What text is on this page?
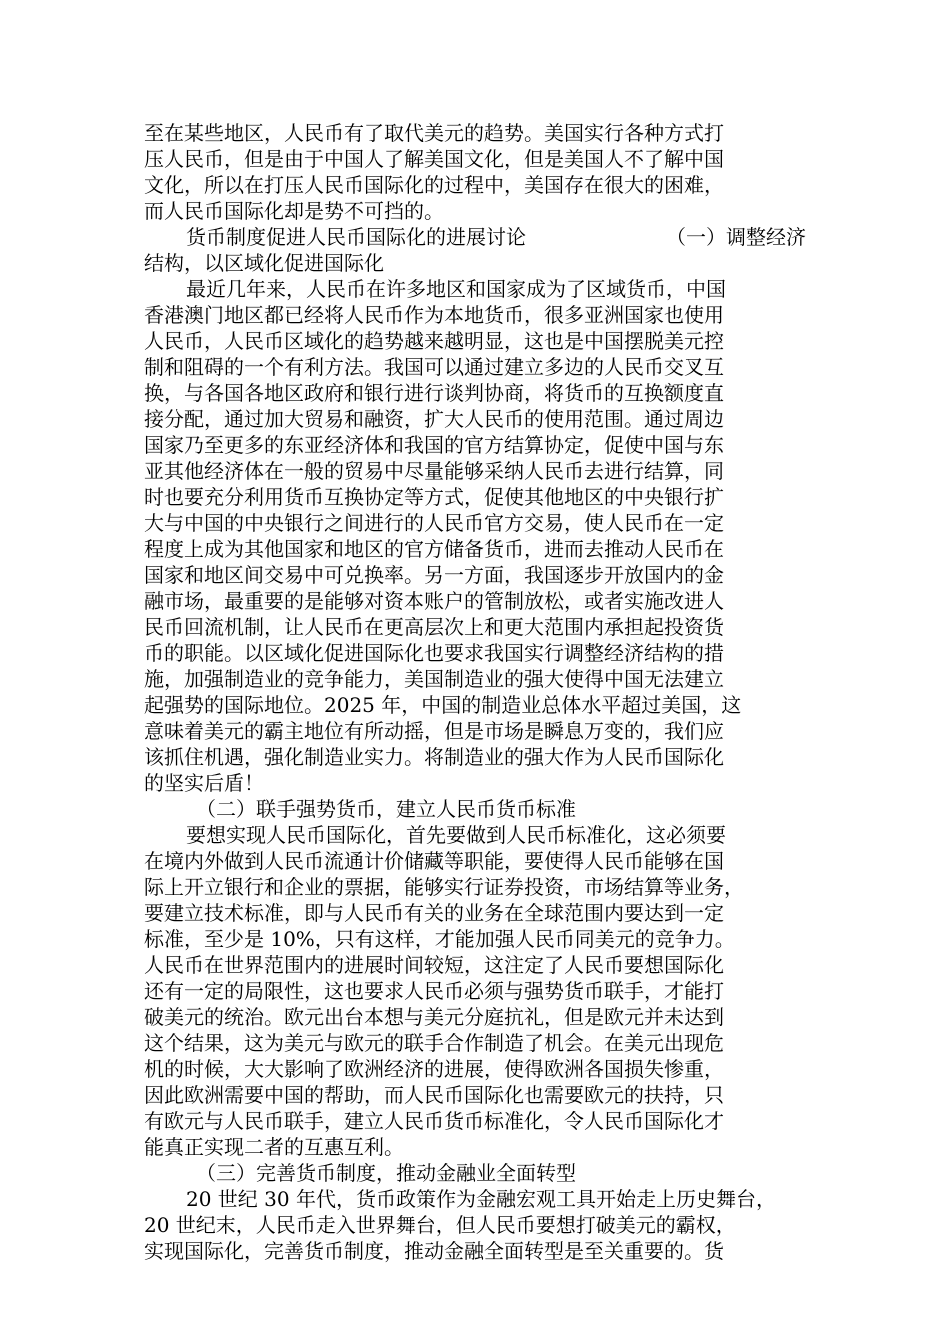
至在某些地区，人民币有了取代美元的趋势。美国实行各种方式打
压人民币，但是由于中国人了解美国文化，但是美国人不了解中国
文化，所以在打压人民币国际化的过程中，美国存在很大的困难，
而人民币国际化却是势不可挡的。
货币制度促进人民币国际化的进展讨论	（一）调整经济
结构，以区域化促进国际化
最近几年来，人民币在许多地区和国家成为了区域货币，中国
香港澳门地区都已经将人民币作为本地货币，很多亚洲国家也使用
人民币，人民币区域化的趋势越来越明显，这也是中国摆脱美元控
制和阻碍的一个有利方法。我国可以通过建立多边的人民币交叉互
换，与各国各地区政府和银行进行谈判协商，将货币的互换额度直
接分配，通过加大贸易和融资，扩大人民币的使用范围。通过周边
国家乃至更多的东亚经济体和我国的官方结算协定，促使中国与东
亚其他经济体在一般的贸易中尽量能够采纳人民币去进行结算，同
时也要充分利用货币互换协定等方式，促使其他地区的中央银行扩
大与中国的中央银行之间进行的人民币官方交易，使人民币在一定
程度上成为其他国家和地区的官方储备货币，进而去推动人民币在
国家和地区间交易中可兑换率。另一方面，我国逐步开放国内的金
融市场，最重要的是能够对资本账户的管制放松，或者实施改进人
民币回流机制，让人民币在更高层次上和更大范围内承担起投资货
币的职能。以区域化促进国际化也要求我国实行调整经济结构的措
施，加强制造业的竞争能力，美国制造业的强大使得中国无法建立
起强势的国际地位。2025 年，中国的制造业总体水平超过美国，这
意味着美元的霸主地位有所动摇，但是市场是瞬息万变的，我们应
该抓住机遇，强化制造业实力。将制造业的强大作为人民币国际化
的坚实后盾！
（二）联手强势货币，建立人民币货币标准
要想实现人民币国际化，首先要做到人民币标准化，这必须要
在境内外做到人民币流通计价储藏等职能，要使得人民币能够在国
际上开立银行和企业的票据，能够实行证券投资，市场结算等业务，
要建立技术标准，即与人民币有关的业务在全球范围内要达到一定
标准，至少是 10%，只有这样，才能加强人民币同美元的竞争力。
人民币在世界范围内的进展时间较短，这注定了人民币要想国际化
还有一定的局限性，这也要求人民币必须与强势货币联手，才能打
破美元的统治。欧元出台本想与美元分庭抗礼，但是欧元并未达到
这个结果，这为美元与欧元的联手合作制造了机会。在美元出现危
机的时候，大大影响了欧洲经济的进展，使得欧洲各国损失惨重，
因此欧洲需要中国的帮助，而人民币国际化也需要欧元的扶持，只
有欧元与人民币联手，建立人民币货币标准化，令人民币国际化才
能真正实现二者的互惠互利。
（三）完善货币制度，推动金融业全面转型
20 世纪 30 年代，货币政策作为金融宏观工具开始走上历史舞台，
20 世纪末，人民币走入世界舞台，但人民币要想打破美元的霸权，
实现国际化，完善货币制度，推动金融全面转型是至关重要的。货
